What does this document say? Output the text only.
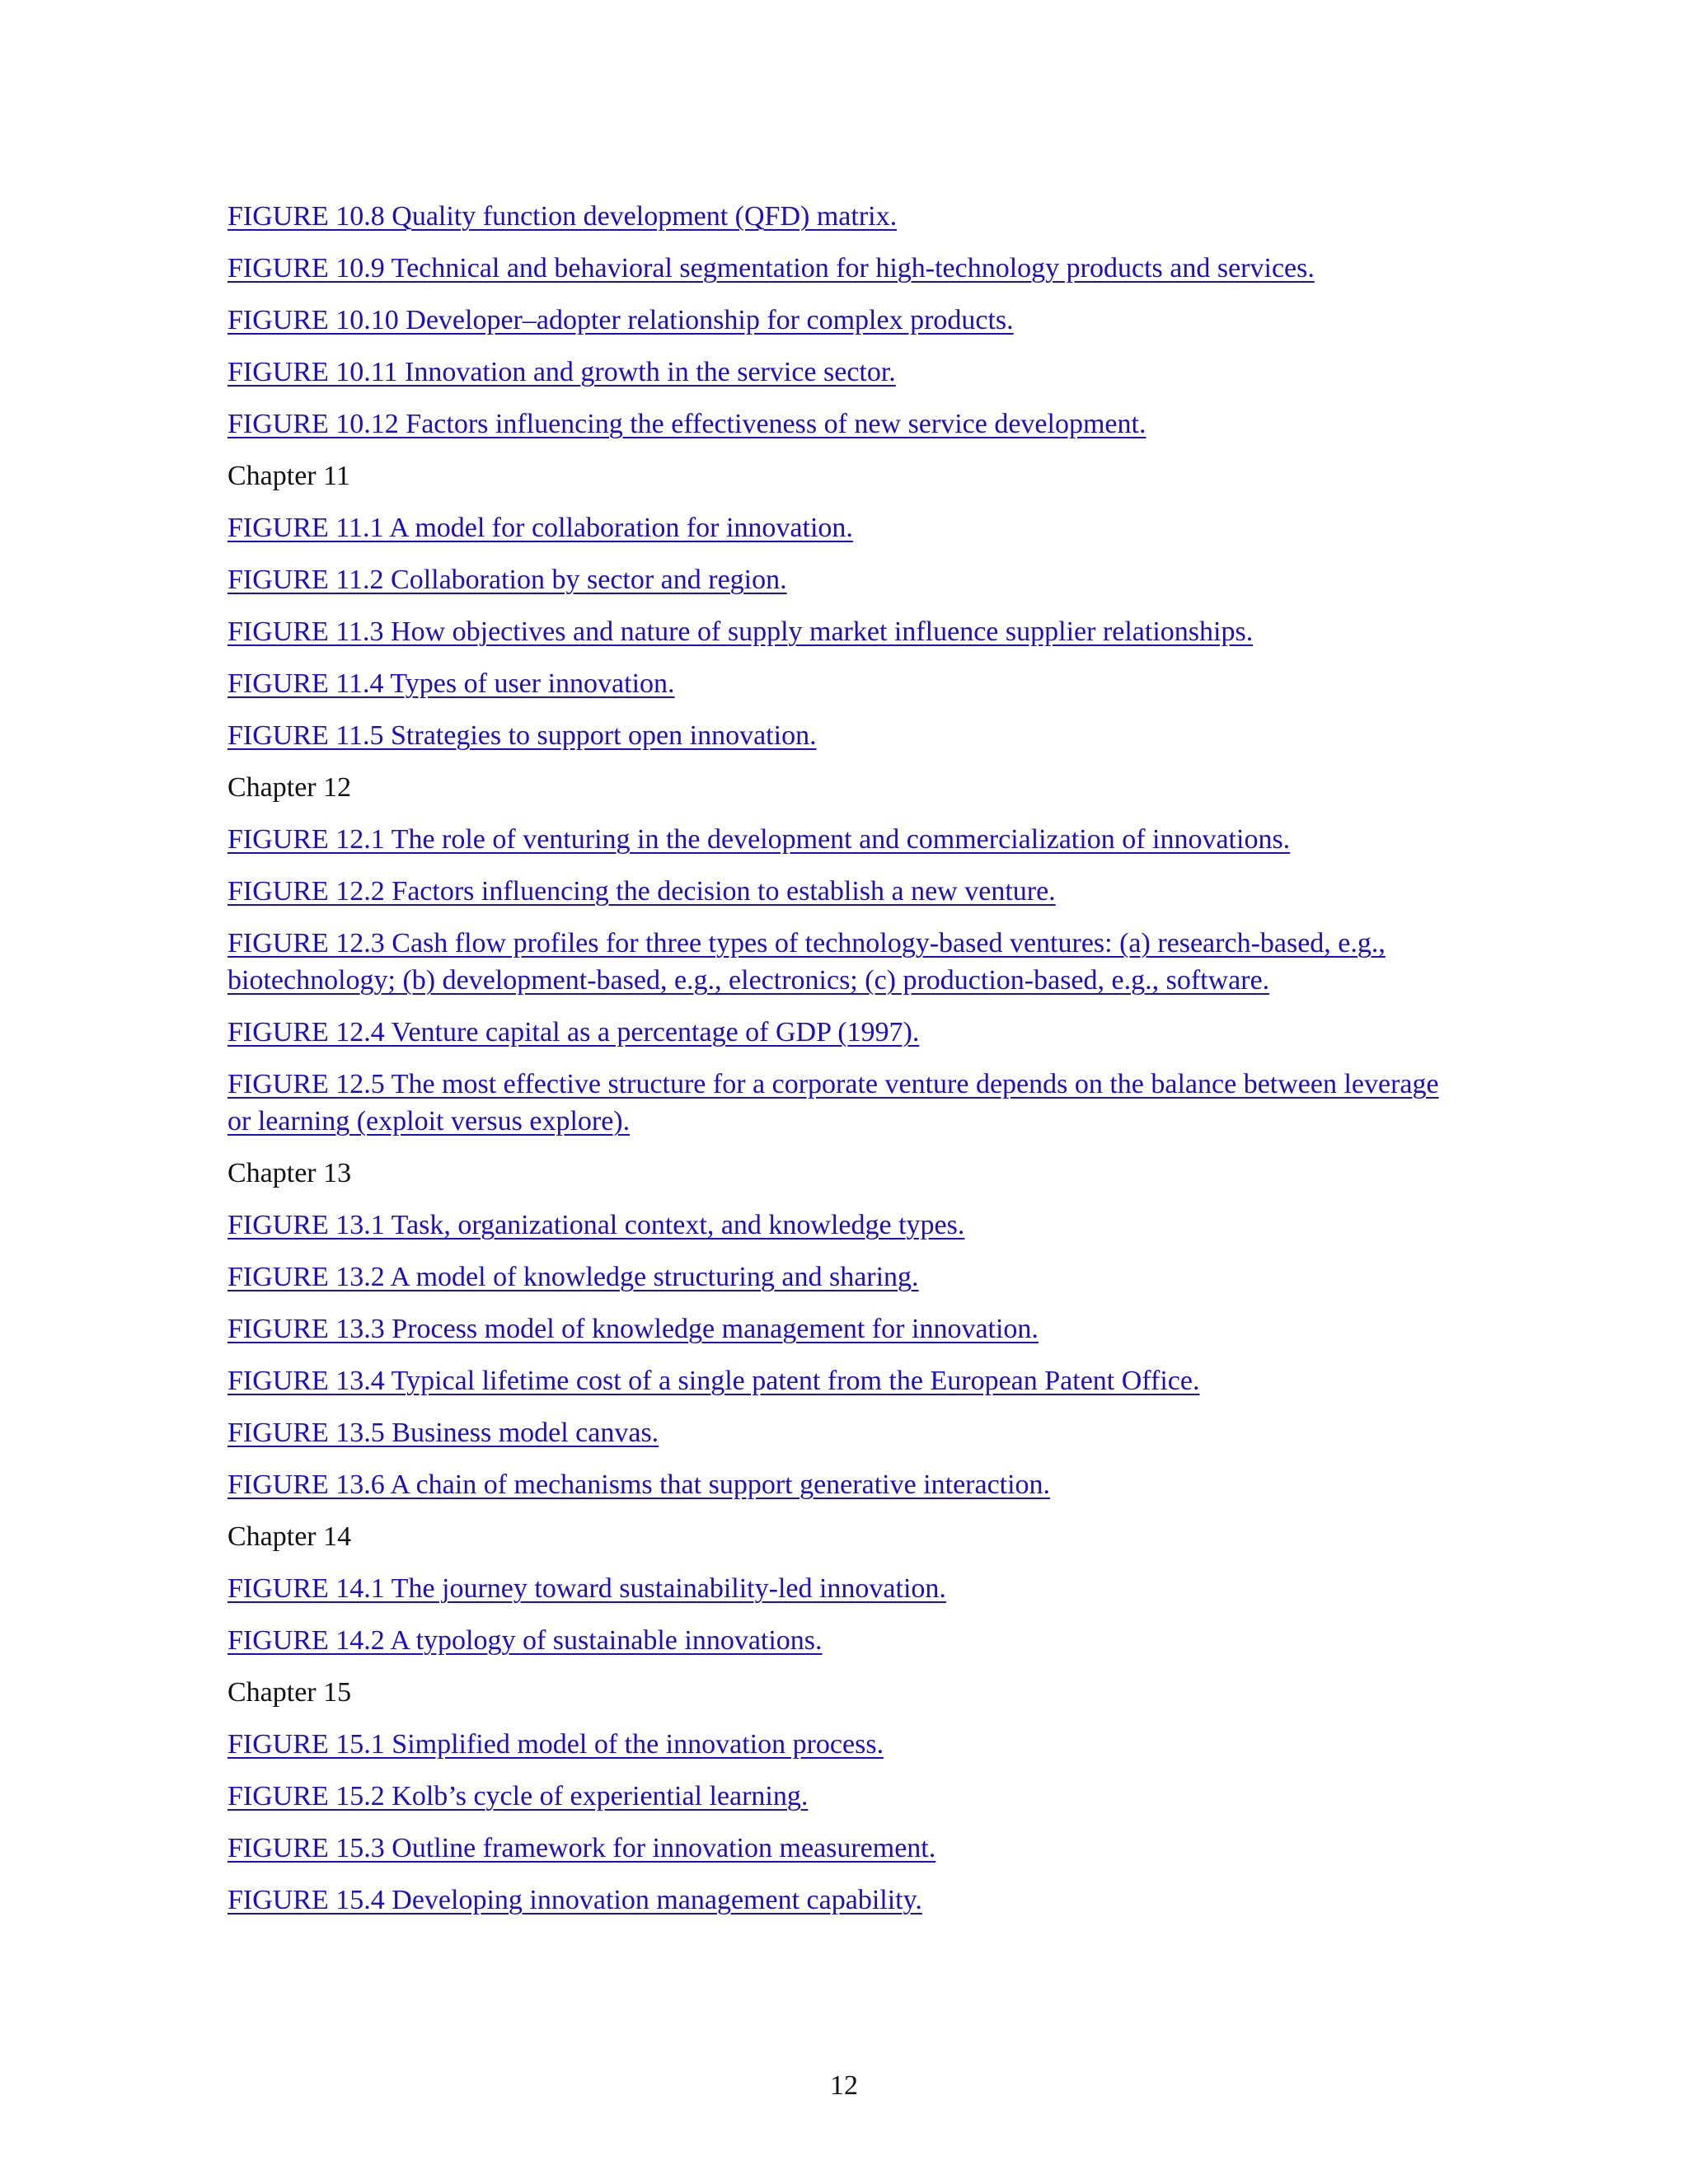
FIGURE 10.8 Quality function development (QFD) matrix.
FIGURE 10.9 Technical and behavioral segmentation for high-technology products and services.
FIGURE 10.10 Developer–adopter relationship for complex products.
FIGURE 10.11 Innovation and growth in the service sector.
FIGURE 10.12 Factors influencing the effectiveness of new service development.
Chapter 11
FIGURE 11.1 A model for collaboration for innovation.
FIGURE 11.2 Collaboration by sector and region.
FIGURE 11.3 How objectives and nature of supply market influence supplier relationships.
FIGURE 11.4 Types of user innovation.
FIGURE 11.5 Strategies to support open innovation.
Chapter 12
FIGURE 12.1 The role of venturing in the development and commercialization of innovations.
FIGURE 12.2 Factors influencing the decision to establish a new venture.
FIGURE 12.3 Cash flow profiles for three types of technology-based ventures: (a) research-based, e.g., biotechnology; (b) development-based, e.g., electronics; (c) production-based, e.g., software.
FIGURE 12.4 Venture capital as a percentage of GDP (1997).
FIGURE 12.5 The most effective structure for a corporate venture depends on the balance between leverage or learning (exploit versus explore).
Chapter 13
FIGURE 13.1 Task, organizational context, and knowledge types.
FIGURE 13.2 A model of knowledge structuring and sharing.
FIGURE 13.3 Process model of knowledge management for innovation.
FIGURE 13.4 Typical lifetime cost of a single patent from the European Patent Office.
FIGURE 13.5 Business model canvas.
FIGURE 13.6 A chain of mechanisms that support generative interaction.
Chapter 14
FIGURE 14.1 The journey toward sustainability-led innovation.
FIGURE 14.2 A typology of sustainable innovations.
Chapter 15
FIGURE 15.1 Simplified model of the innovation process.
FIGURE 15.2 Kolb’s cycle of experiential learning.
FIGURE 15.3 Outline framework for innovation measurement.
FIGURE 15.4 Developing innovation management capability.
12
